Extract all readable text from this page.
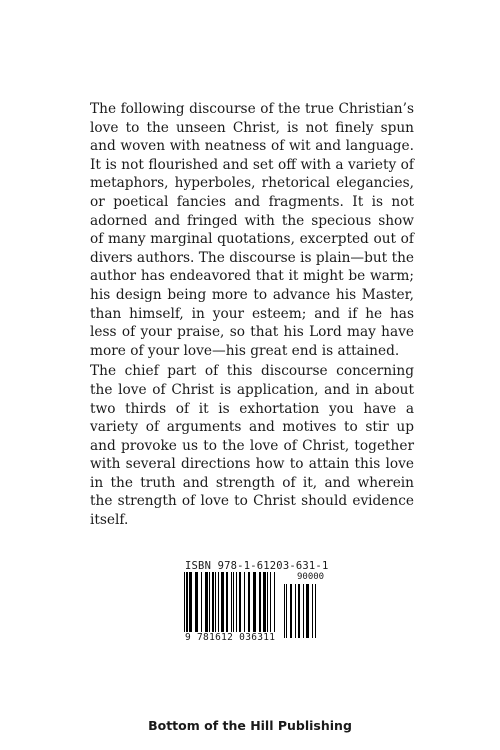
The following discourse of the true Christian’s love to the unseen Christ, is not finely spun and woven with neatness of wit and language. It is not flourished and set off with a variety of metaphors, hyperboles, rhetorical elegancies, or poetical fancies and fragments. It is not adorned and fringed with the specious show of many marginal quotations, excerpted out of divers authors. The discourse is plain—but the author has endeavored that it might be warm; his design being more to advance his Master, than himself, in your esteem; and if he has less of your praise, so that his Lord may have more of your love—his great end is attained.

The chief part of this discourse concerning the love of Christ is application, and in about two thirds of it is exhortation you have a variety of arguments and motives to stir up and provoke us to the love of Christ, together with several directions how to attain this love in the truth and strength of it, and wherein the strength of love to Christ should evidence itself.

ISBN 978-1-61203-631-1
90000
9 781612 036311
Bottom of the Hill Publishing
